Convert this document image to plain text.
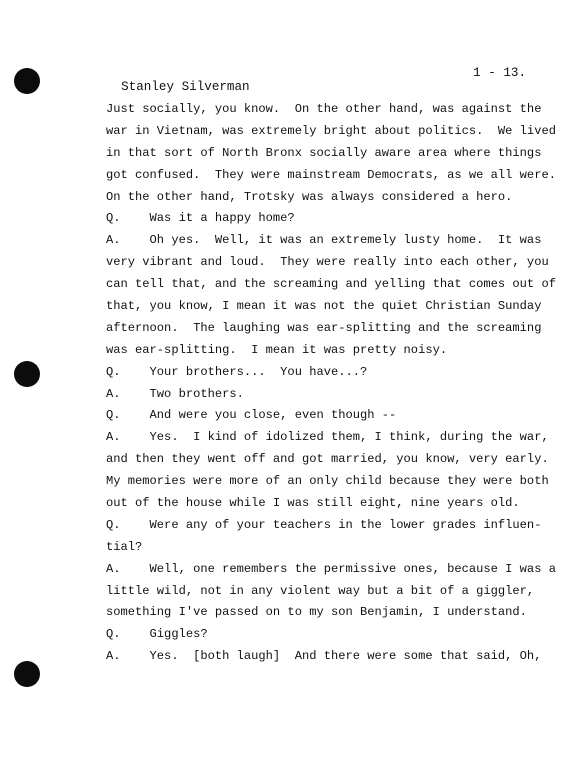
Stanley Silverman

1 - 13.

Just socially, you know.  On the other hand, was against the
war in Vietnam, was extremely bright about politics.  We lived
in that sort of North Bronx socially aware area where things
got confused.  They were mainstream Democrats, as we all were.
On the other hand, Trotsky was always considered a hero.
Q.    Was it a happy home?
A.    Oh yes.  Well, it was an extremely lusty home.  It was
very vibrant and loud.  They were really into each other, you
can tell that, and the screaming and yelling that comes out of
that, you know, I mean it was not the quiet Christian Sunday
afternoon.  The laughing was ear-splitting and the screaming
was ear-splitting.  I mean it was pretty noisy.
Q.    Your brothers...  You have...?
A.    Two brothers.
Q.    And were you close, even though --
A.    Yes.  I kind of idolized them, I think, during the war,
and then they went off and got married, you know, very early.
My memories were more of an only child because they were both
out of the house while I was still eight, nine years old.
Q.    Were any of your teachers in the lower grades influen-
tial?
A.    Well, one remembers the permissive ones, because I was a
little wild, not in any violent way but a bit of a giggler,
something I've passed on to my son Benjamin, I understand.
Q.    Giggles?
A.    Yes.  [both laugh]  And there were some that said, Oh,
